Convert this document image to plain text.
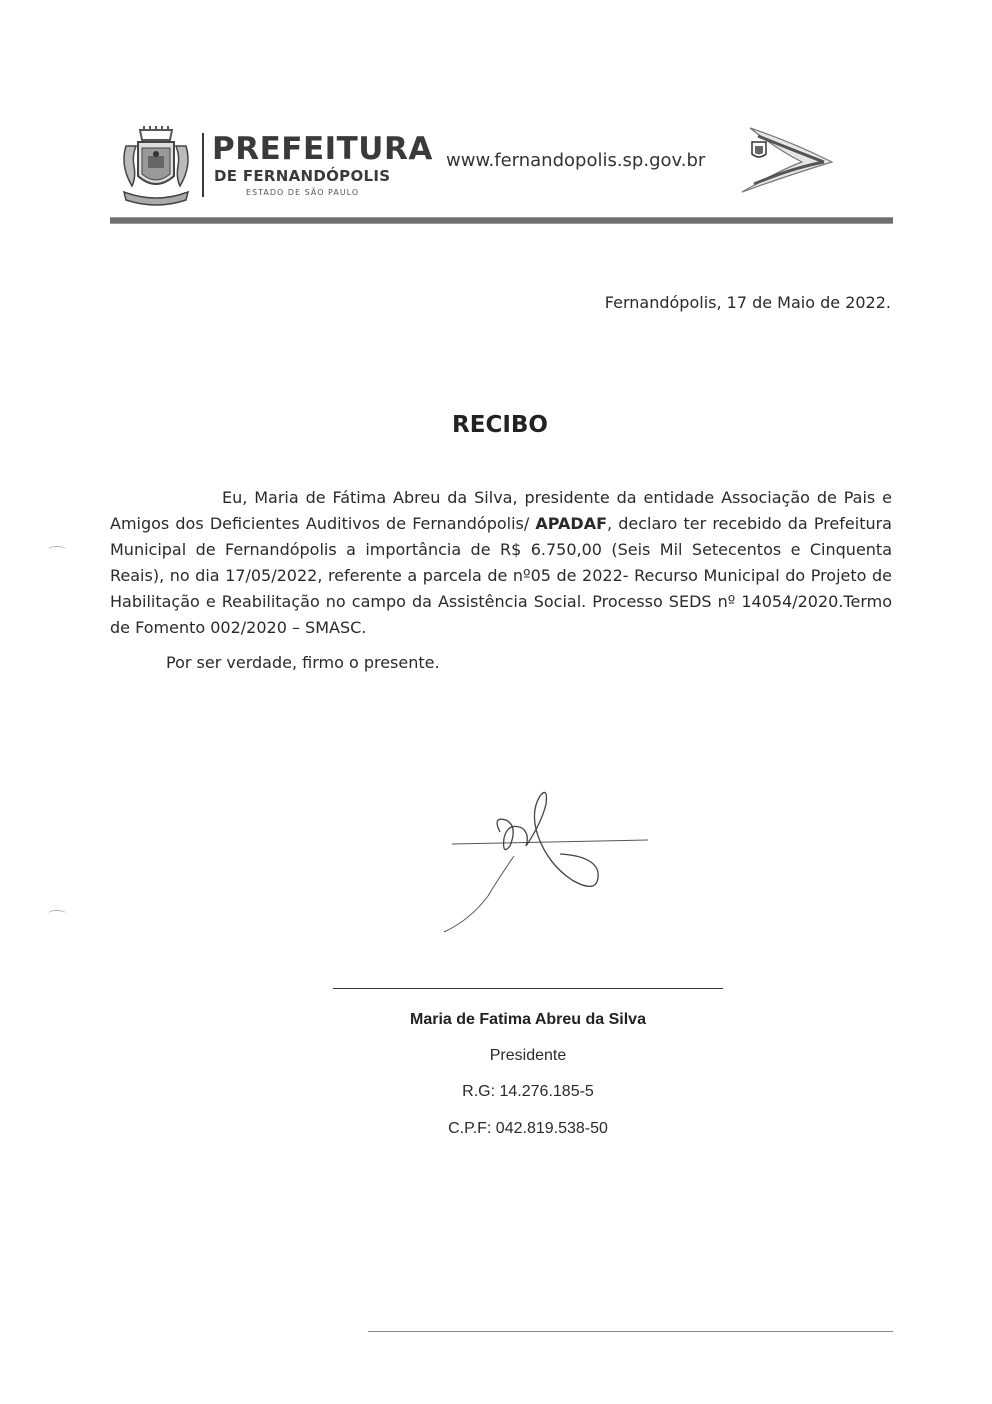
PREFEITURA
DE FERNANDÓPOLIS
ESTADO DE SÃO PAULO
www.fernandopolis.sp.gov.br
Fernandópolis, 17 de Maio de 2022.
RECIBO
Eu, Maria de Fátima Abreu da Silva, presidente da entidade Associação de Pais e Amigos dos Deficientes Auditivos de Fernandópolis/ APADAF, declaro ter recebido da Prefeitura Municipal de Fernandópolis a importância de R$ 6.750,00 (Seis Mil Setecentos e Cinquenta Reais), no dia 17/05/2022, referente a parcela de nº05 de 2022- Recurso Municipal do Projeto de Habilitação e Reabilitação no campo da Assistência Social. Processo SEDS nº 14054/2020.Termo de Fomento 002/2020 – SMASC.
Por ser verdade, firmo o presente.
Maria de Fatima Abreu da Silva
Presidente
R.G: 14.276.185-5
C.P.F: 042.819.538-50
